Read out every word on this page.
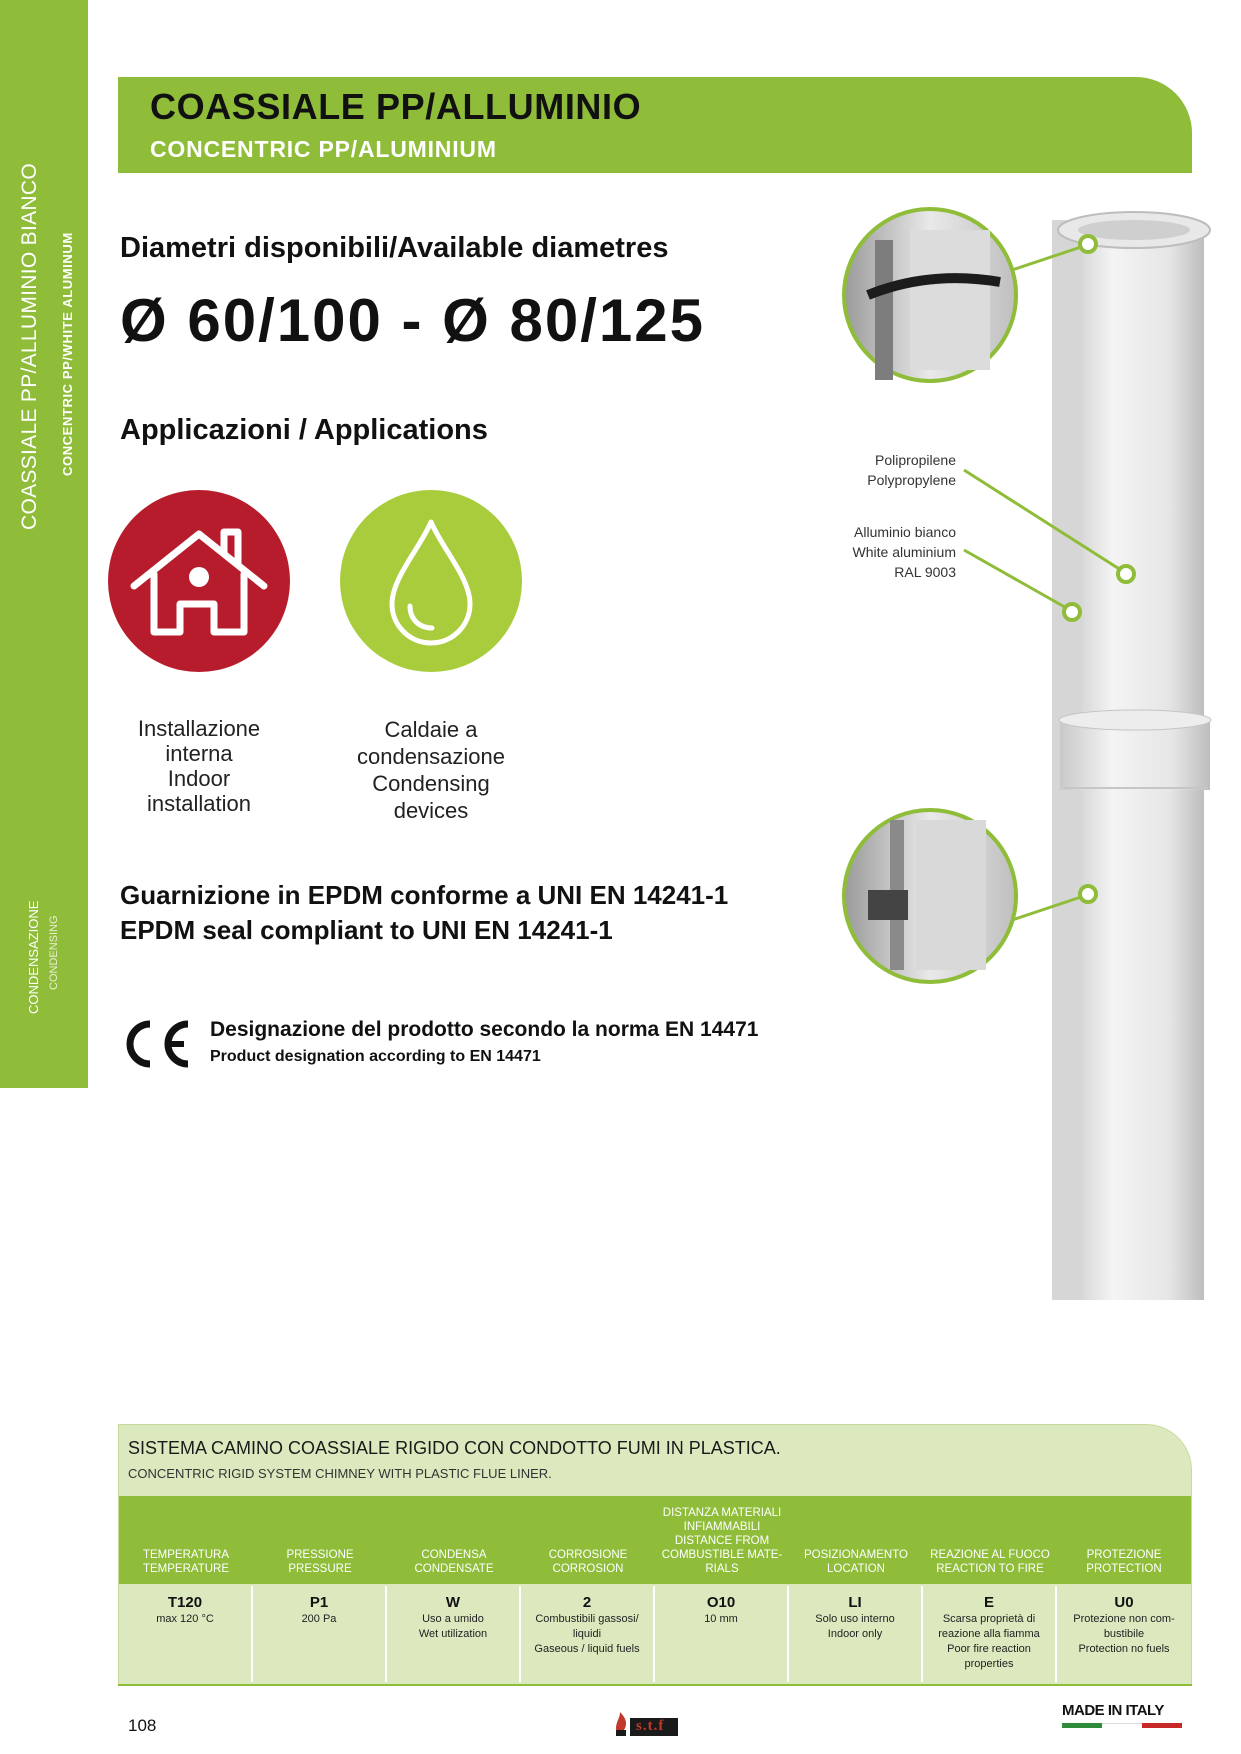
COASSIALE PP/ALLUMINIO BIANCO CONCENTRIC PP/WHITE ALUMINUM
CONDENSAZIONE CONDENSING
COASSIALE PP/ALLUMINIO
CONCENTRIC PP/ALUMINIUM
Diametri disponibili/Available diametres
Ø 60/100 - Ø 80/125
Applicazioni / Applications
Installazione
interna
Indoor
installation
Caldaie a
condensazione
Condensing
devices
Guarnizione in EPDM conforme a UNI EN 14241-1
EPDM seal compliant to UNI EN 14241-1
Designazione del prodotto secondo la norma EN 14471
Product designation according to EN 14471
Polipropilene
Polypropylene
Alluminio bianco
White aluminium
RAL 9003
SISTEMA CAMINO COASSIALE RIGIDO CON CONDOTTO FUMI IN PLASTICA.
CONCENTRIC RIGID SYSTEM CHIMNEY WITH PLASTIC FLUE LINER.
TEMPERATURA
TEMPERATURE
PRESSIONE
PRESSURE
CONDENSA
CONDENSATE
CORROSIONE
CORROSION
DISTANZA MATERIALI
INFIAMMABILI
DISTANCE FROM
COMBUSTIBLE MATE-
RIALS
POSIZIONAMENTO
LOCATION
REAZIONE AL FUOCO
REACTION TO FIRE
PROTEZIONE
PROTECTION
T120
max 120 °C
P1
200 Pa
W
Uso a umido
Wet utilization
2
Combustibili gassosi/
liquidi
Gaseous / liquid fuels
O10
10 mm
LI
Solo uso interno
Indoor only
E
Scarsa proprietà di
reazione alla fiamma
Poor fire reaction
properties
U0
Protezione non com-
bustibile
Protection no fuels
108	s.t.f
MADE IN ITALY
